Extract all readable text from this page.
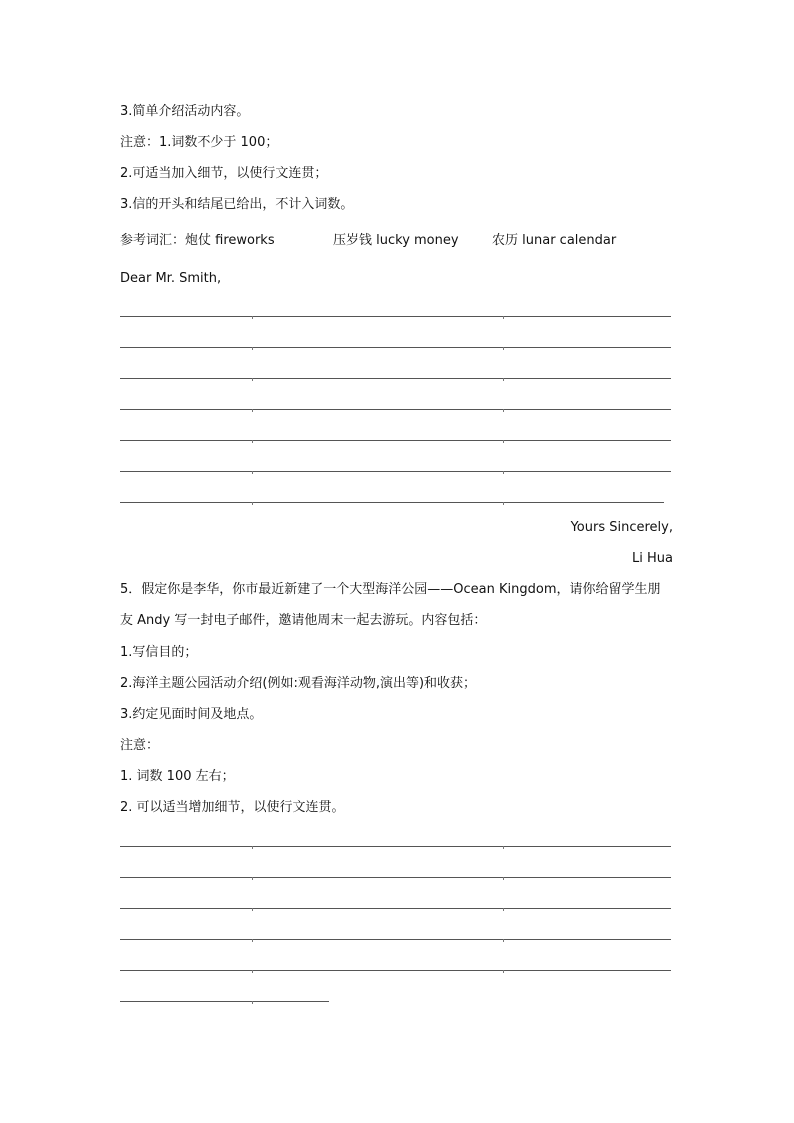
3.简单介绍活动内容。
注意：1.词数不少于 100；
2.可适当加入细节，以使行文连贯；
3.信的开头和结尾已给出，不计入词数。
参考词汇：炮仗 fireworks	压岁钱 lucky money	农历 lunar calendar
Dear Mr. Smith,
Yours Sincerely,
Li Hua
5．假定你是李华，你市最近新建了一个大型海洋公园——Ocean Kingdom，请你给留学生朋
友 Andy 写一封电子邮件，邀请他周末一起去游玩。内容包括：
1.写信目的；
2.海洋主题公园活动介绍(例如:观看海洋动物,演出等)和收获；
3.约定见面时间及地点。
注意：
1. 词数 100 左右；
2. 可以适当增加细节，以使行文连贯。
